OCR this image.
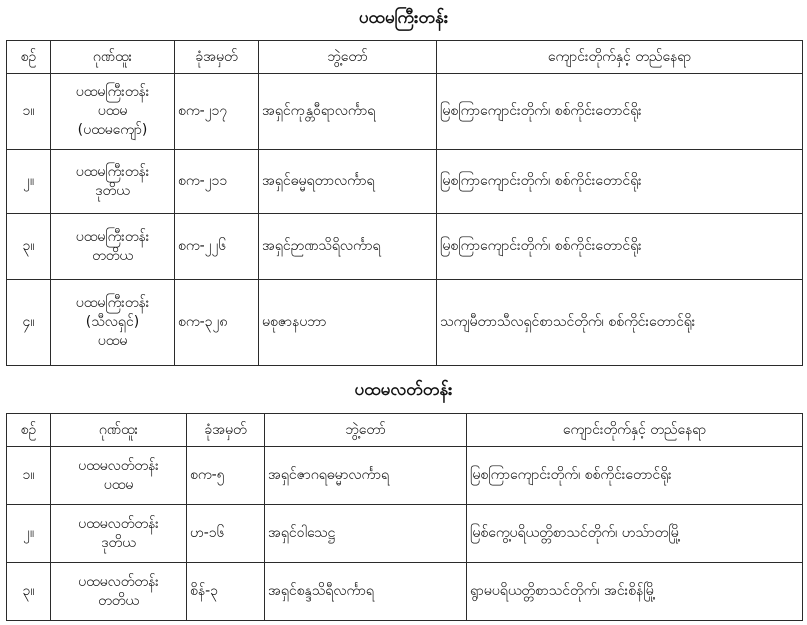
ပထမကြီးတန်း
စဉ်	ဂုဏ်ထူး	ခုံအမှတ်	ဘွဲ့တော်	ကျောင်းတိုက်နှင့် တည်နေရာ
၁။	ပထမကြီးတန်း
ပထမ
(ပထမကျော်)	စက-၂၁၇	အရှင်ကုန္တဝီရာလင်္ကာရ	မြစကြာကျောင်းတိုက်၊ စစ်ကိုင်းတောင်ရိုး
၂။	ပထမကြီးတန်း
ဒုတိယ	စက-၂၁၁	အရှင်ဓမ္မရတာလင်္ကာရ	မြစကြာကျောင်းတိုက်၊ စစ်ကိုင်းတောင်ရိုး
၃။	ပထမကြီးတန်း
တတိယ	စက-၂၂၆	အရှင်ဉာဏသိရိလင်္ကာရ	မြစကြာကျောင်းတိုက်၊ စစ်ကိုင်းတောင်ရိုး
၄။	ပထမကြီးတန်း
(သီလရှင်)
ပထမ	စက-၃၂၈	မစုဇာနပဘာ	သကျမီတာသီလရှင်စာသင်တိုက်၊ စစ်ကိုင်းတောင်ရိုး
ပထမလတ်တန်း
စဉ်	ဂုဏ်ထူး	ခုံအမှတ်	ဘွဲ့တော်	ကျောင်းတိုက်နှင့် တည်နေရာ
၁။	ပထမလတ်တန်း
ပထမ	စက-၅	အရှင်ဇာဂရဓမ္မာလင်္ကာရ	မြစကြာကျောင်းတိုက်၊ စစ်ကိုင်းတောင်ရိုး
၂။	ပထမလတ်တန်း
ဒုတိယ	ဟ-၁၆	အရှင်ဝါသေဋ္ဌ	မြစ်ကွေ့ပရိယတ္တိစာသင်တိုက်၊ ဟသ်ာတမြို့
၃။	ပထမလတ်တန်း
တတိယ	စိန်-၃	အရှင်စန္ဒသိရီလင်္ကာရ	ရွာမပရိယတ္တိစာသင်တိုက်၊ အင်းစိန်မြို့
